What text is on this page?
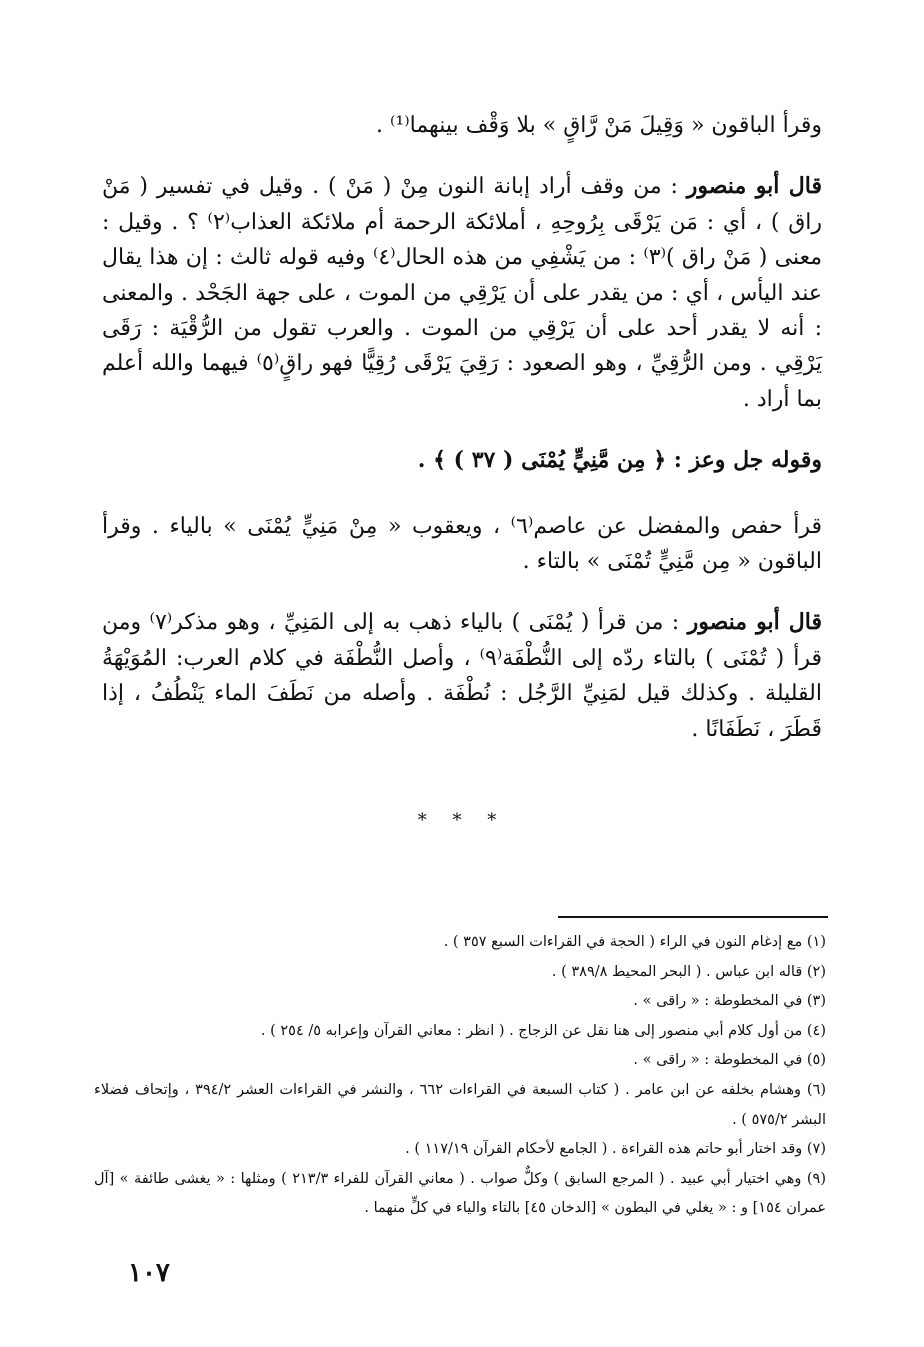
وقرأ الباقون « وَقِيلَ مَنْ رَّاقٍ » بلا وَقْف بينهما⁽¹⁾ .

قال أبو منصور : من وقف أراد إبانة النون مِنْ ( مَنْ ) . وقيل في تفسير ( مَنْ راق ) ، أي : مَن يَرْقَى بِرُوحِهِ ، أملائكة الرحمة أم ملائكة العذاب⁽٢⁾ ؟ . وقيل : معنى ( مَنْ راق )⁽٣⁾ : من يَشْفِي من هذه الحال⁽٤⁾ وفيه قوله ثالث : إن هذا يقال عند اليأس ، أي : من يقدر على أن يَرْقِي من الموت ، على جهة الجَحْد . والمعنى : أنه لا يقدر أحد على أن يَرْقِي من الموت . والعرب تقول من الرُّقْيَة : رَقَى يَرْقِي . ومن الرُّقِيِّ ، وهو الصعود : رَقِيَ يَرْقَى رُقِيًّا فهو راقٍ⁽٥⁾ فيهما والله أعلم بما أراد .

وقوله جل وعز : ﴿ مِن مَّنِيٍّ يُمْنَى ( ٣٧ ) ﴾ .

قرأ حفص والمفضل عن عاصم⁽٦⁾ ، ويعقوب « مِنْ مَنِيٍّ يُمْنَى » بالياء . وقرأ الباقون « مِن مَّنِيٍّ تُمْنَى » بالتاء .

قال أبو منصور : من قرأ ( يُمْنَى ) بالياء ذهب به إلى المَنِيِّ ، وهو مذكر⁽٧⁾ ومن قرأ ( تُمْنَى ) بالتاء ردّه إلى النُّطْفَة⁽٩⁾ ، وأصل النُّطْفَة في كلام العرب: المُوَيْهَةُ القليلة . وكذلك قيل لمَنِيِّ الرَّجُل : نُطْفَة . وأصله من نَطَفَ الماء يَنْطُفُ ، إذا قَطَرَ ، نَطَفَانًا .

* * *

(١) مع إدغام النون في الراء ( الحجة في القراءات السبع ٣٥٧ ) .

(٢) قاله ابن عباس . ( البحر المحيط ٣٨٩/٨ ) .

(٣) في المخطوطة : « راقى » .

(٤) من أول كلام أبي منصور إلى هنا نقل عن الزجاج . ( انظر : معاني القرآن وإعرابه ٥/ ٢٥٤ ) .

(٥) في المخطوطة : « راقى » .

(٦) وهشام بخلفه عن ابن عامر . ( كتاب السبعة في القراءات ٦٦٢ ، والنشر في القراءات العشر ٣٩٤/٢ ، وإتحاف فضلاء البشر ٥٧٥/٢ ) .

(٧) وقد اختار أبو حاتم هذه القراءة . ( الجامع لأحكام القرآن ١١٧/١٩ ) .

(٩) وهي اختيار أبي عبيد . ( المرجع السابق ) وكلٌّ صواب . ( معاني القرآن للفراء ٢١٣/٣ ) ومثلها : « يغشى طائفة » [آل عمران ١٥٤] و : « يغلي في البطون » [الدخان ٤٥] بالتاء والياء في كلٍّ منهما .

١٠٧
